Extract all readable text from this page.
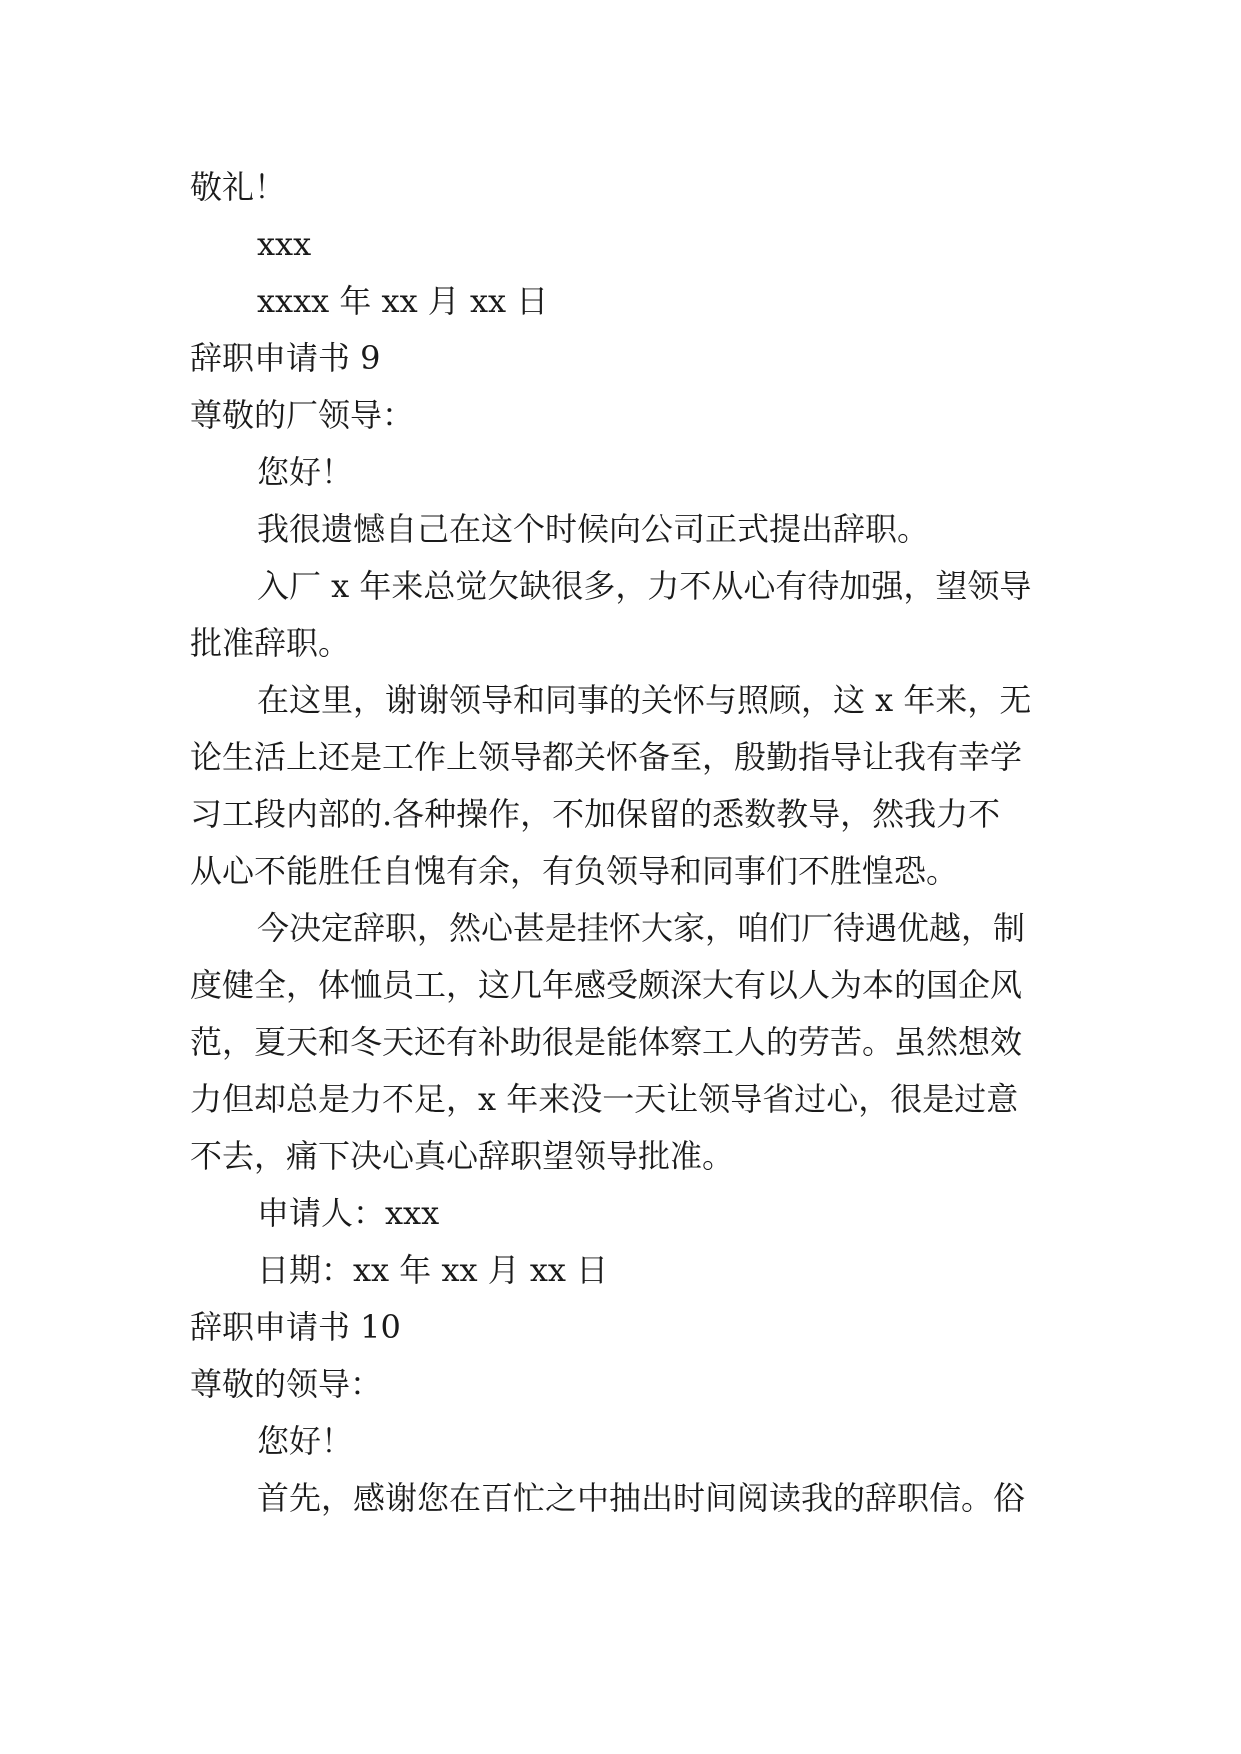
敬礼！
xxx
xxxx 年 xx 月 xx 日
辞职申请书 9
尊敬的厂领导：
您好！
我很遗憾自己在这个时候向公司正式提出辞职。
入厂 x 年来总觉欠缺很多，力不从心有待加强，望领导
批准辞职。
在这里，谢谢领导和同事的关怀与照顾，这 x 年来，无
论生活上还是工作上领导都关怀备至，殷勤指导让我有幸学
习工段内部的.各种操作，不加保留的悉数教导，然我力不
从心不能胜任自愧有余，有负领导和同事们不胜惶恐。
今决定辞职，然心甚是挂怀大家，咱们厂待遇优越，制
度健全，体恤员工，这几年感受颇深大有以人为本的国企风
范，夏天和冬天还有补助很是能体察工人的劳苦。虽然想效
力但却总是力不足，x 年来没一天让领导省过心，很是过意
不去，痛下决心真心辞职望领导批准。
申请人：xxx
日期：xx 年 xx 月 xx 日
辞职申请书 10
尊敬的领导：
您好！
首先，感谢您在百忙之中抽出时间阅读我的辞职信。俗
